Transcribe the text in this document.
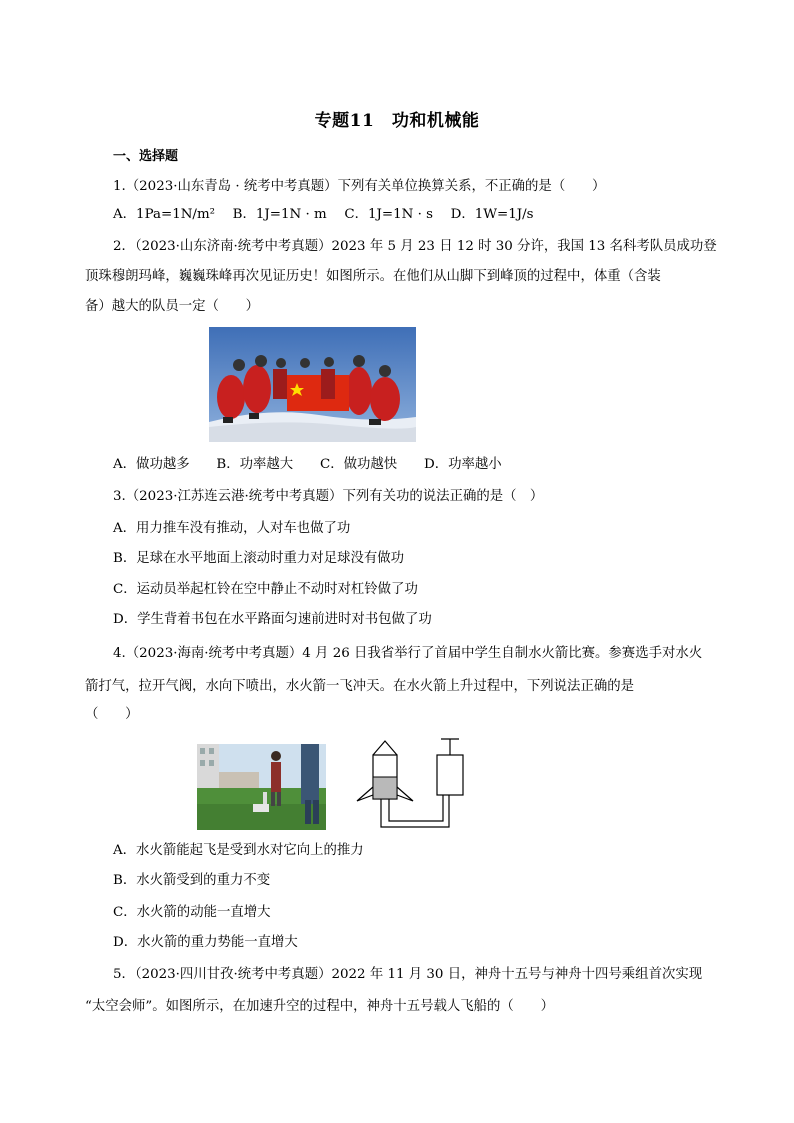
专题11　功和机械能
一、选择题
1.（2023·山东青岛 · 统考中考真题）下列有关单位换算关系，不正确的是（　　）
A．1Pa=1N/m²　 B．1J=1N · m　 C．1J=1N · s　 D．1W=1J/s
2．（2023·山东济南·统考中考真题）2023 年 5 月 23 日 12 时 30 分许，我国 13 名科考队员成功登
顶珠穆朗玛峰，巍巍珠峰再次见证历史！如图所示。在他们从山脚下到峰顶的过程中，体重（含装
备）越大的队员一定（　　）
A．做功越多　　B．功率越大　　C．做功越快　　D．功率越小
3.（2023·江苏连云港·统考中考真题）下列有关功的说法正确的是（　）
A．用力推车没有推动，人对车也做了功
B．足球在水平地面上滚动时重力对足球没有做功
C．运动员举起杠铃在空中静止不动时对杠铃做了功
D．学生背着书包在水平路面匀速前进时对书包做了功
4.（2023·海南·统考中考真题）4 月 26 日我省举行了首届中学生自制水火箭比赛。参赛选手对水火
箭打气，拉开气阀，水向下喷出，水火箭一飞冲天。在水火箭上升过程中，下列说法正确的是
（　　）
A．水火箭能起飞是受到水对它向上的推力
B．水火箭受到的重力不变
C．水火箭的动能一直增大
D．水火箭的重力势能一直增大
5．（2023·四川甘孜·统考中考真题）2022 年 11 月 30 日，神舟十五号与神舟十四号乘组首次实现
“太空会师”。如图所示，在加速升空的过程中，神舟十五号载人飞船的（　　）
